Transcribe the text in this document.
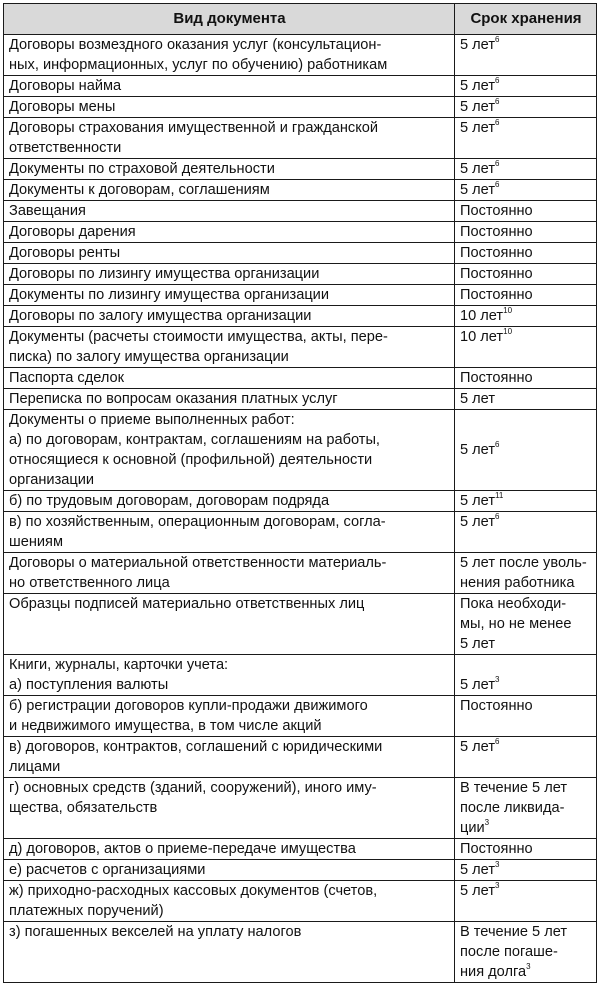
Вид документа	Срок хранения
Договоры возмездного оказания услуг (консультацион-
ных, информационных, услуг по обучению) работникам	5 лет$^6$
Договоры найма	5 лет$^6$
Договоры мены	5 лет$^6$
Договоры страхования имущественной и гражданской
ответственности	5 лет$^6$
Документы по страховой деятельности	5 лет$^6$
Документы к договорам, соглашениям	5 лет$^6$
Завещания	Постоянно
Договоры дарения	Постоянно
Договоры ренты	Постоянно
Договоры по лизингу имущества организации	Постоянно
Документы по лизингу имущества организации	Постоянно
Договоры по залогу имущества организации	10 лет$^{10}$
Документы (расчеты стоимости имущества, акты, пере-
писка) по залогу имущества организации	10 лет$^{10}$
Паспорта сделок	Постоянно
Переписка по вопросам оказания платных услуг	5 лет
Документы о приеме выполненных работ:
а) по договорам, контрактам, соглашениям на работы,
относящиеся к основной (профильной) деятельности
организации	5 лет$^6$
б) по трудовым договорам, договорам подряда	5 лет$^{11}$
в) по хозяйственным, операционным договорам, согла-
шениям	5 лет$^6$
Договоры о материальной ответственности материаль-
но ответственного лица	5 лет после уволь-
нения работника
Образцы подписей материально ответственных лиц	Пока необходи-
мы, но не менее
5 лет
Книги, журналы, карточки учета:
а) поступления валюты	5 лет$^3$
б) регистрации договоров купли-продажи движимого
и недвижимого имущества, в том числе акций	Постоянно
в) договоров, контрактов, соглашений с юридическими
лицами	5 лет$^6$
г) основных средств (зданий, сооружений), иного иму-
щества, обязательств	В течение 5 лет
после ликвида-
ции$^3$
д) договоров, актов о приеме-передаче имущества	Постоянно
е) расчетов с организациями	5 лет$^3$
ж) приходно-расходных кассовых документов (счетов,
платежных поручений)	5 лет$^3$
з) погашенных векселей на уплату налогов	В течение 5 лет
после погаше-
ния долга$^3$
